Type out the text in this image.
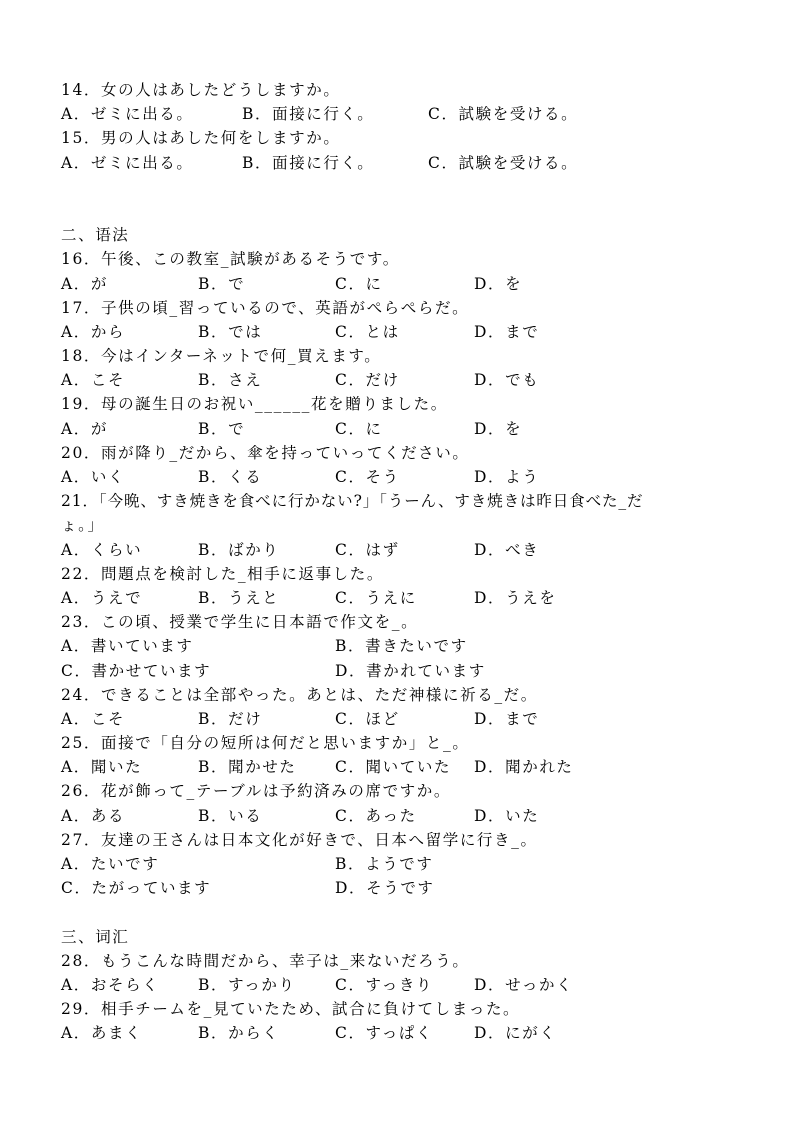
14．女の人はあしたどうしますか。
A．ゼミに出る。	B．面接に行く。	C．試験を受ける。
15．男の人はあした何をしますか。
A．ゼミに出る。	B．面接に行く。	C．試験を受ける。
二、语法
16．午後、この教室_試験があるそうです。
A．が	B．で	C．に	D．を
17．子供の頃_習っているので、英語がぺらぺらだ。
A．から	B．では	C．とは	D．まで
18．今はインターネットで何_買えます。
A．こそ	B．さえ	C．だけ	D．でも
19．母の誕生日のお祝い______花を贈りました。
A．が	B．で	C．に	D．を
20．雨が降り_だから、傘を持っていってください。
A．いく	B．くる	C．そう	D．よう
21．「今晩、すき焼きを食べに行かない?」「うーん、すき焼きは昨日食べた_だ
ょ。」
A．くらい	B．ばかり	C．はず	D．べき
22．問題点を検討した_相手に返事した。
A．うえで	B．うえと	C．うえに	D．うえを
23．この頃、授業で学生に日本語で作文を_。
A．書いています	B．書きたいです
C．書かせています	D．書かれています
24．できることは全部やった。あとは、ただ神様に祈る_だ。
A．こそ	B．だけ	C．ほど	D．まで
25．面接で「自分の短所は何だと思いますか」と_。
A．聞いた	B．聞かせた C．聞いていた D．聞かれた
26．花が飾って_テーブルは予約済みの席ですか。
A．ある	B．いる	C．あった	D．いた
27．友達の王さんは日本文化が好きで、日本へ留学に行き_。
A．たいです	B．ようです
C．たがっています	D．そうです
三、词汇
28．もうこんな時間だから、幸子は_来ないだろう。
A．おそらく B．すっかり	C．すっきり	D．せっかく
29．相手チームを_見ていたため、試合に負けてしまった。
A．あまく	B．からく	C．すっぱく	D．にがく
